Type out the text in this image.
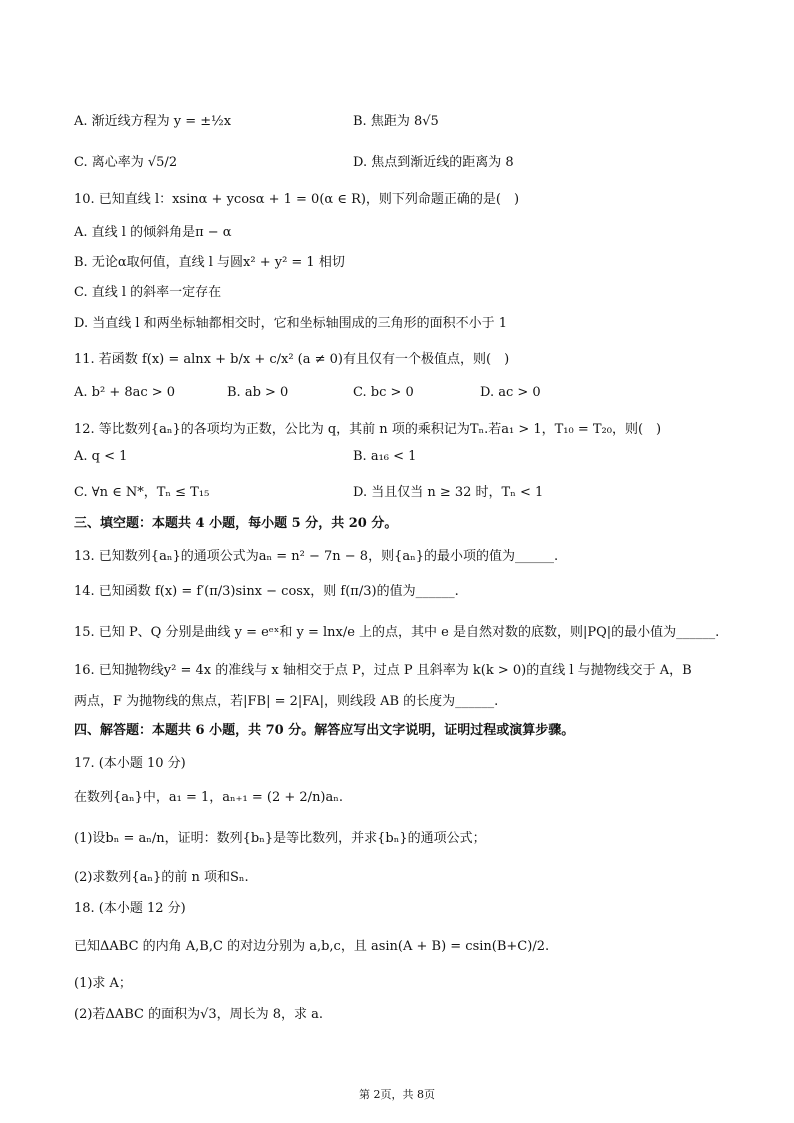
A. 渐近线方程为 y = ±½x	B. 焦距为 8√5
C. 离心率为 √5/2	D. 焦点到渐近线的距离为 8
10. 已知直线 l：xsinα + ycosα + 1 = 0(α ∈ R)，则下列命题正确的是(　)
A. 直线 l 的倾斜角是π − α
B. 无论α取何值，直线 l 与圆x² + y² = 1 相切
C. 直线 l 的斜率一定存在
D. 当直线 l 和两坐标轴都相交时，它和坐标轴围成的三角形的面积不小于 1
11. 若函数 f(x) = alnx + b/x + c/x² (a ≠ 0)有且仅有一个极值点，则(　)
A. b² + 8ac > 0	B. ab > 0	C. bc > 0	D. ac > 0
12. 等比数列{aₙ}的各项均为正数，公比为 q，其前 n 项的乘积记为Tₙ.若a₁ > 1，T₁₀ = T₂₀，则(　)
A. q < 1	B. a₁₆ < 1
C. ∀n ∈ N*，Tₙ ≤ T₁₅	D. 当且仅当 n ≥ 32 时，Tₙ < 1
三、填空题：本题共 4 小题，每小题 5 分，共 20 分。
13. 已知数列{aₙ}的通项公式为aₙ = n² − 7n − 8，则{aₙ}的最小项的值为______.
14. 已知函数 f(x) = f′(π/3)sinx − cosx，则 f(π/3)的值为______.
15. 已知 P、Q 分别是曲线 y = eᵉˣ和 y = lnx/e 上的点，其中 e 是自然对数的底数，则|PQ|的最小值为______.
16. 已知抛物线y² = 4x 的准线与 x 轴相交于点 P，过点 P 且斜率为 k(k > 0)的直线 l 与抛物线交于 A，B
两点，F 为抛物线的焦点，若|FB| = 2|FA|，则线段 AB 的长度为______.
四、解答题：本题共 6 小题，共 70 分。解答应写出文字说明，证明过程或演算步骤。
17. (本小题 10 分)
在数列{aₙ}中，a₁ = 1，aₙ₊₁ = (2 + 2/n)aₙ.
(1)设bₙ = aₙ/n，证明：数列{bₙ}是等比数列，并求{bₙ}的通项公式；
(2)求数列{aₙ}的前 n 项和Sₙ.
18. (本小题 12 分)
已知ΔABC 的内角 A,B,C 的对边分别为 a,b,c，且 asin(A + B) = csin(B+C)/2.
(1)求 A；
(2)若ΔABC 的面积为√3，周长为 8，求 a.
第 2页，共 8页
